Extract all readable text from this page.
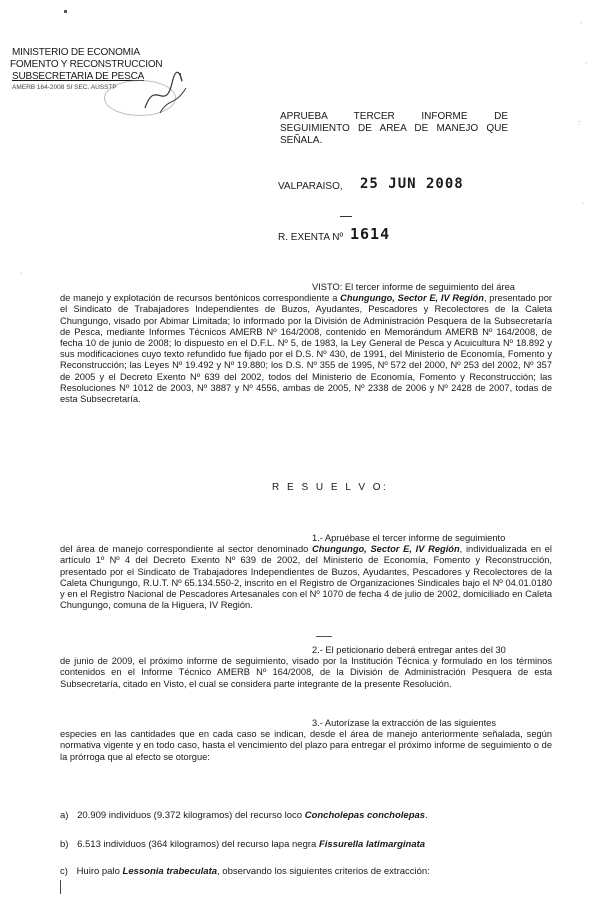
MINISTERIO DE ECONOMIA
FOMENTO Y RECONSTRUCCION
SUBSECRETARIA DE PESCA
AMERB 164-2008 SI SEC. AUSSTP
APRUEBA TERCER INFORME DE
SEGUIMIENTO DE AREA DE MANEJO QUE
SEÑALA.
VALPARAISO, 25 JUN 2008
R. EXENTA Nº 1614

VISTO: El tercer informe de seguimiento del área

de manejo y explotación de recursos bentónicos correspondiente a Chungungo, Sector E, IV Región, presentado por el Sindicato de Trabajadores Independientes de Buzos, Ayudantes, Pescadores y Recolectores de la Caleta Chungungo, visado por Abimar Limitada; lo informado por la División de Administración Pesquera de la Subsecretaría de Pesca, mediante Informes Técnicos AMERB Nº 164/2008, contenido en Memorándum AMERB Nº 164/2008, de fecha 10 de junio de 2008; lo dispuesto en el D.F.L. Nº 5, de 1983, la Ley General de Pesca y Acuicultura Nº 18.892 y sus modificaciones cuyo texto refundido fue fijado por el D.S. Nº 430, de 1991, del Ministerio de Economía, Fomento y Reconstrucción; las Leyes Nº 19.492 y Nº 19.880; los D.S. Nº 355 de 1995, Nº 572 del 2000, Nº 253 del 2002, Nº 357 de 2005 y el Decreto Exento Nº 639 del 2002, todos del Ministerio de Economía, Fomento y Reconstrucción; las Resoluciones Nº 1012 de 2003, Nº 3887 y Nº 4556, ambas de 2005, Nº 2338 de 2006 y Nº 2428 de 2007, todas de esta Subsecretaría.

R E S U E L V O:

1.- Apruébase el tercer informe de seguimiento

del área de manejo correspondiente al sector denominado Chungungo, Sector E, IV Región, individualizada en el artículo 1º Nº 4 del Decreto Exento Nº 639 de 2002, del Ministerio de Economía, Fomento y Reconstrucción, presentado por el Sindicato de Trabajadores Independientes de Buzos, Ayudantes, Pescadores y Recolectores de la Caleta Chungungo, R.U.T. Nº 65.134.550-2, inscrito en el Registro de Organizaciones Sindicales bajo el Nº 04.01.0180 y en el Registro Nacional de Pescadores Artesanales con el Nº 1070 de fecha 4 de julio de 2002, domiciliado en Caleta Chungungo, comuna de la Higuera, IV Región.

2.- El peticionario deberá entregar antes del 30

de junio de 2009, el próximo informe de seguimiento, visado por la Institución Técnica y formulado en los términos contenidos en el Informe Técnico AMERB Nº 164/2008, de la División de Administración Pesquera de esta Subsecretaría, citado en Visto, el cual se considera parte integrante de la presente Resolución.

3.- Autorízase la extracción de las siguientes

especies en las cantidades que en cada caso se indican, desde el área de manejo anteriormente señalada, según normativa vigente y en todo caso, hasta el vencimiento del plazo para entregar el próximo informe de seguimiento o de la prórroga que al efecto se otorgue:

a) 20.909 individuos (9.372 kilogramos) del recurso loco Concholepas concholepas.
b) 6.513 individuos (364 kilogramos) del recurso lapa negra Fissurella latimarginata
c) Huiro palo Lessonia trabeculata, observando los siguientes criterios de extracción:
·
·
:
·
·
